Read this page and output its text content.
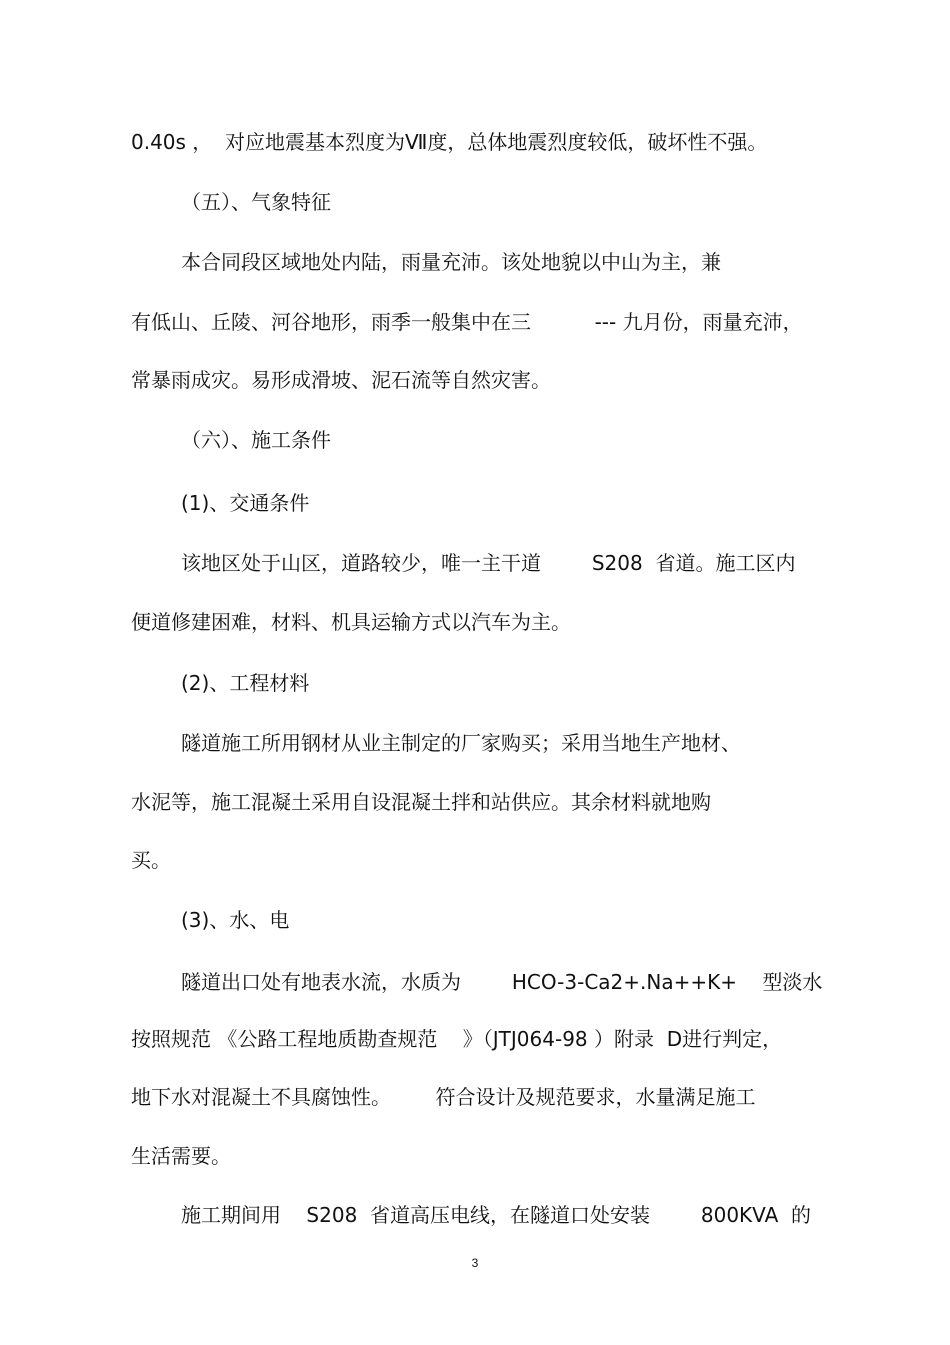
0.40s ，  对应地震基本烈度为Ⅶ度，总体地震烈度较低，破坏性不强。

（五）、气象特征

本合同段区域地处内陆，雨量充沛。该处地貌以中山为主，兼

有低山、丘陵、河谷地形，雨季一般集中在三          --- 九月份，雨量充沛，

常暴雨成灾。易形成滑坡、泥石流等自然灾害。

（六）、施工条件

(1)、交通条件

该地区处于山区，道路较少，唯一主干道        S208  省道。施工区内

便道修建困难，材料、机具运输方式以汽车为主。

(2)、工程材料

隧道施工所用钢材从业主制定的厂家购买；采用当地生产地材、

水泥等，施工混凝土采用自设混凝土拌和站供应。其余材料就地购

买。

(3)、水、电

隧道出口处有地表水流，水质为        HCO-3-Ca2+.Na++K+    型淡水

按照规范 《公路工程地质勘查规范    》（JTJ064-98 ）附录  D进行判定，

地下水对混凝土不具腐蚀性。       符合设计及规范要求，水量满足施工

生活需要。

施工期间用    S208  省道高压电线，在隧道口处安装        800KVA  的

3
